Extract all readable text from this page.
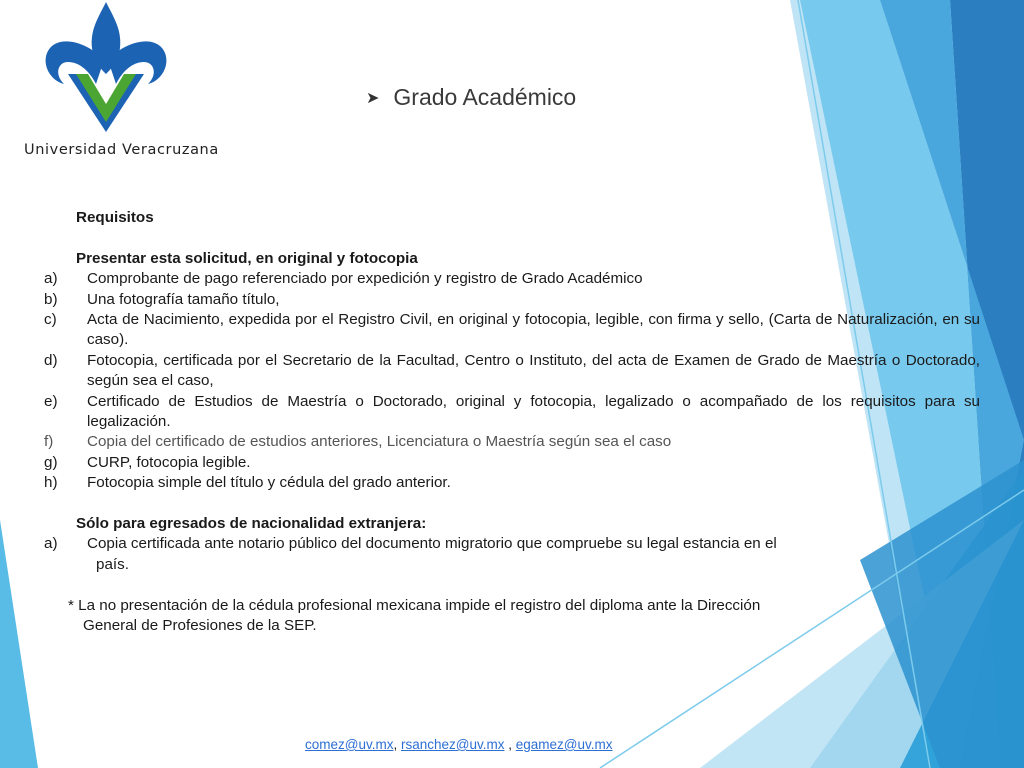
Universidad Veracruzana
➤ Grado Académico
Requisitos
Presentar esta solicitud, en original y fotocopia
a)	Comprobante de pago referenciado por expedición y registro de Grado Académico
b)	Una fotografía tamaño título,
c)	Acta de Nacimiento, expedida por el Registro Civil, en original y fotocopia, legible, con firma y sello, (Carta de Naturalización, en su caso).
d)	Fotocopia, certificada por el Secretario de la Facultad, Centro o Instituto, del acta de Examen de Grado de Maestría o Doctorado, según sea el caso,
e)	Certificado de Estudios de Maestría o Doctorado, original y fotocopia, legalizado o acompañado de los requisitos para su legalización.
f)	Copia del certificado de estudios anteriores, Licenciatura o Maestría según sea el caso
g)	CURP, fotocopia legible.
h)	Fotocopia simple del título y cédula del grado anterior.
Sólo para egresados de nacionalidad extranjera:
a)	Copia certificada ante notario público del documento migratorio que compruebe su legal estancia en el
país.
* La no presentación de la cédula profesional mexicana impide el registro del diploma ante la Dirección
General de Profesiones de la SEP.
comez@uv.mx, rsanchez@uv.mx , egamez@uv.mx
